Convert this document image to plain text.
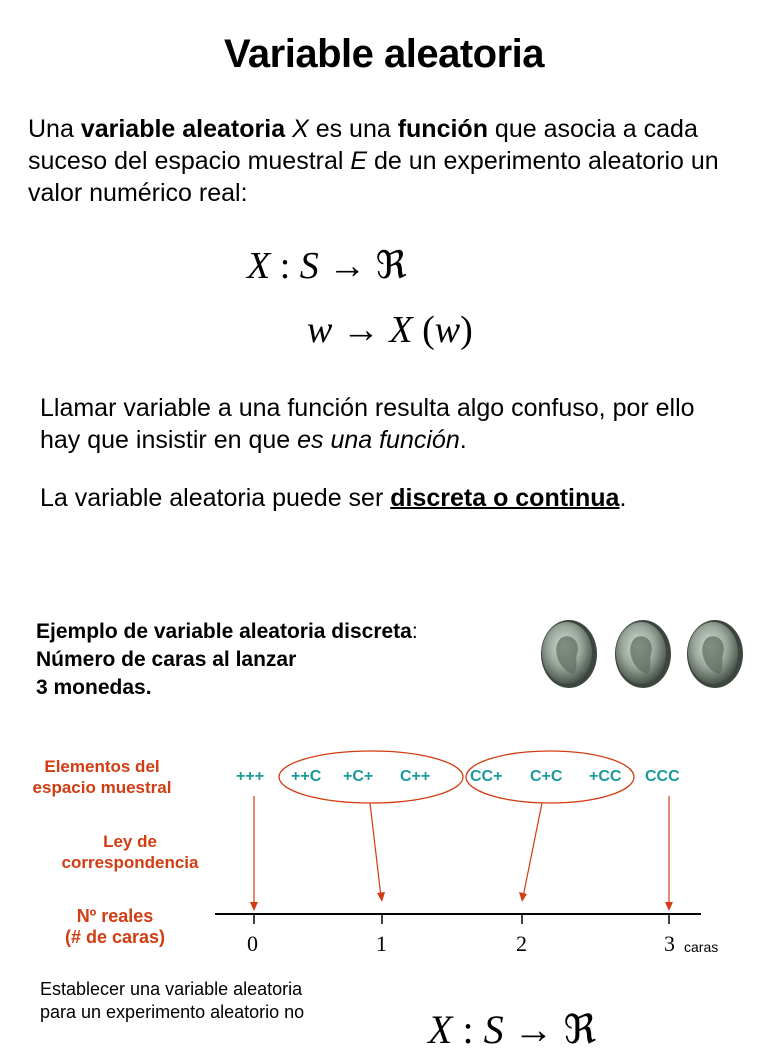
Variable aleatoria
Una variable aleatoria X es una función que asocia a cada suceso del espacio muestral E de un experimento aleatorio un valor numérico real:
X : S → ℜ
w → X (w)
Llamar variable a una función resulta algo confuso, por ello hay que insistir en que es una función.
La variable aleatoria puede ser discreta o continua.
Ejemplo de variable aleatoria discreta:
Número de caras al lanzar
3 monedas.
Elementos del
espacio muestral
Ley de
correspondencia
Nº reales
(# de caras)
+++ ++C +C+ C++ CC+ C+C +CC CCC
0	1	2	3 caras
Establecer una variable aleatoria
para un experimento aleatorio no	X : S → ℜ
